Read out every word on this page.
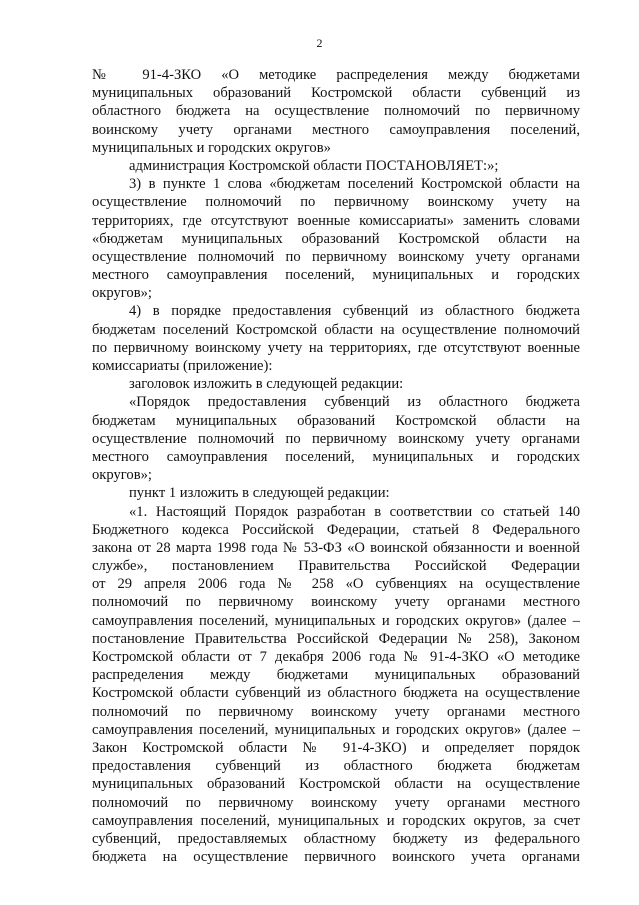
2
№ 91-4-ЗКО «О методике распределения между бюджетами
муниципальных образований Костромской области субвенций из
областного бюджета на осуществление полномочий по первичному
воинскому учету органами местного самоуправления поселений,
муниципальных и городских округов»
администрация Костромской области ПОСТАНОВЛЯЕТ:»;
3) в пункте 1 слова «бюджетам поселений Костромской области на
осуществление полномочий по первичному воинскому учету на
территориях, где отсутствуют военные комиссариаты» заменить словами
«бюджетам муниципальных образований Костромской области на
осуществление полномочий по первичному воинскому учету органами
местного самоуправления поселений, муниципальных и городских
округов»;
4) в порядке предоставления субвенций из областного бюджета
бюджетам поселений Костромской области на осуществление полномочий
по первичному воинскому учету на территориях, где отсутствуют военные
комиссариаты (приложение):
заголовок изложить в следующей редакции:
«Порядок предоставления субвенций из областного бюджета
бюджетам муниципальных образований Костромской области на
осуществление полномочий по первичному воинскому учету органами
местного самоуправления поселений, муниципальных и городских
округов»;
пункт 1 изложить в следующей редакции:
«1. Настоящий Порядок разработан в соответствии со статьей 140
Бюджетного кодекса Российской Федерации, статьей 8 Федерального
закона от 28 марта 1998 года № 53-ФЗ «О воинской обязанности и военной
службе», постановлением Правительства Российской Федерации
от 29 апреля 2006 года № 258 «О субвенциях на осуществление
полномочий по первичному воинскому учету органами местного
самоуправления поселений, муниципальных и городских округов» (далее –
постановление Правительства Российской Федерации № 258), Законом
Костромской области от 7 декабря 2006 года № 91-4-ЗКО «О методике
распределения между бюджетами муниципальных образований
Костромской области субвенций из областного бюджета на осуществление
полномочий по первичному воинскому учету органами местного
самоуправления поселений, муниципальных и городских округов» (далее –
Закон Костромской области № 91-4-ЗКО) и определяет порядок
предоставления субвенций из областного бюджета бюджетам
муниципальных образований Костромской области на осуществление
полномочий по первичному воинскому учету органами местного
самоуправления поселений, муниципальных и городских округов, за счет
субвенций, предоставляемых областному бюджету из федерального
бюджета на осуществление первичного воинского учета органами
